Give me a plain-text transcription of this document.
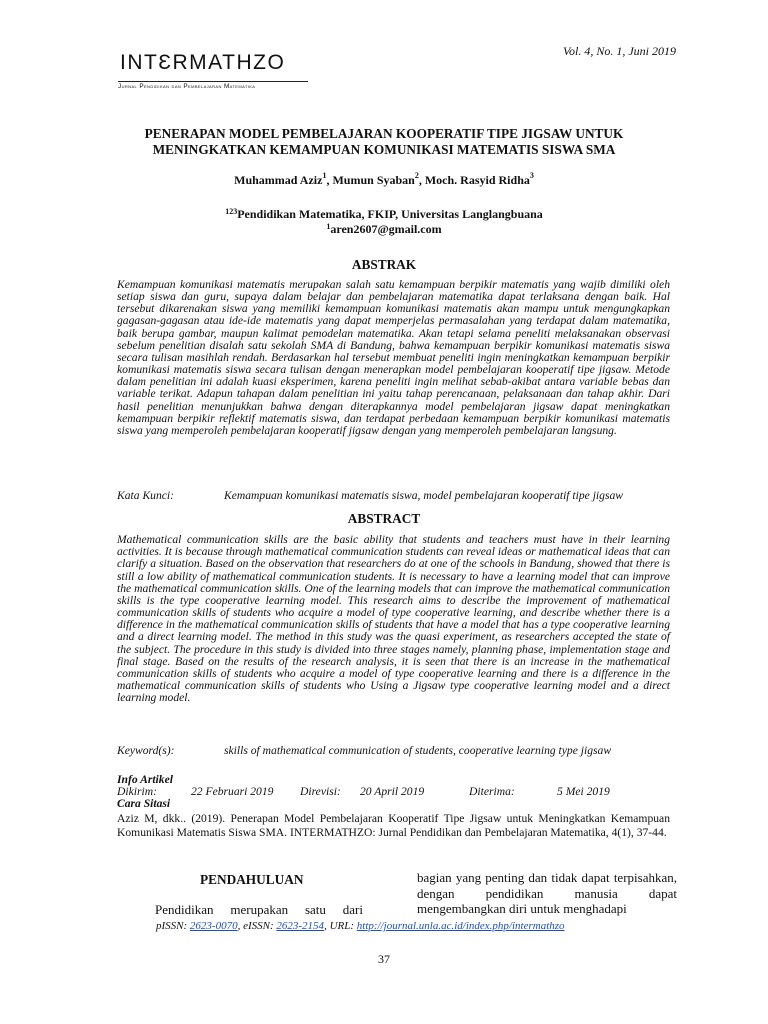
INTƐRMATHZO
Jurnal Pendidikan dan Pembelajaran Matematika
Vol. 4, No. 1, Juni 2019
PENERAPAN MODEL PEMBELAJARAN KOOPERATIF TIPE JIGSAW UNTUK MENINGKATKAN KEMAMPUAN KOMUNIKASI MATEMATIS SISWA SMA
Muhammad Aziz$^1$, Mumun Syaban$^2$, Moch. Rasyid Ridha$^3$
$^{123}$Pendidikan Matematika, FKIP, Universitas Langlangbuana
$^1$aren2607@gmail.com
ABSTRAK

Kemampuan komunikasi matematis merupakan salah satu kemampuan berpikir matematis yang wajib dimiliki oleh setiap siswa dan guru, supaya dalam belajar dan pembelajaran matematika dapat terlaksana dengan baik. Hal tersebut dikarenakan siswa yang memiliki kemampuan komunikasi matematis akan mampu untuk mengungkapkan gagasan-gagasan atau ide-ide matematis yang dapat memperjelas permasalahan yang terdapat dalam matematika, baik berupa gambar, maupun kalimat pemodelan matematika. Akan tetapi selama peneliti melaksanakan observasi sebelum penelitian disalah satu sekolah SMA di Bandung, bahwa kemampuan berpikir komunikasi matematis siswa secara tulisan masihlah rendah. Berdasarkan hal tersebut membuat peneliti ingin meningkatkan kemampuan berpikir komunikasi matematis siswa secara tulisan dengan menerapkan model pembelajaran kooperatif tipe jigsaw. Metode dalam penelitian ini adalah kuasi eksperimen, karena peneliti ingin melihat sebab-akibat antara variable bebas dan variable terikat. Adapun tahapan dalam penelitian ini yaitu tahap perencanaan, pelaksanaan dan tahap akhir. Dari hasil penelitian menunjukkan bahwa dengan diterapkannya model pembelajaran jigsaw dapat meningkatkan kemampuan berpikir reflektif matematis siswa, dan terdapat perbedaan kemampuan berpikir komunikasi matematis siswa yang memperoleh pembelajaran kooperatif jigsaw dengan yang memperoleh pembelajaran langsung.

Kata Kunci:	Kemampuan komunikasi matematis siswa, model pembelajaran kooperatif tipe jigsaw
ABSTRACT

Mathematical communication skills are the basic ability that students and teachers must have in their learning activities. It is because through mathematical communication students can reveal ideas or mathematical ideas that can clarify a situation. Based on the observation that researchers do at one of the schools in Bandung, showed that there is still a low ability of mathematical communication students. It is necessary to have a learning model that can improve the mathematical communication skills. One of the learning models that can improve the mathematical communication skills is the type cooperative learning model. This research aims to describe the improvement of mathematical communication skills of students who acquire a model of type cooperative learning, and describe whether there is a difference in the mathematical communication skills of students that have a model that has a type cooperative learning and a direct learning model. The method in this study was the quasi experiment, as researchers accepted the state of the subject. The procedure in this study is divided into three stages namely, planning phase, implementation stage and final stage. Based on the results of the research analysis, it is seen that there is an increase in the mathematical communication skills of students who acquire a model of type cooperative learning and there is a difference in the mathematical communication skills of students who Using a Jigsaw type cooperative learning model and a direct learning model.

Keyword(s):	skills of mathematical communication of students, cooperative learning type jigsaw
Info Artikel
Dikirim:	22 Februari 2019 Direvisi: 20 April 2019	Diterima:	5 Mei 2019
Cara Sitasi
Aziz M, dkk.. (2019). Penerapan Model Pembelajaran Kooperatif Tipe Jigsaw untuk Meningkatkan Kemampuan Komunikasi Matematis Siswa SMA. INTERMATHZO: Jurnal Pendidikan dan Pembelajaran Matematika, 4(1), 37-44.
PENDAHULUAN
Pendidikan merupakan satu dari
bagian yang penting dan tidak dapat terpisahkan, dengan pendidikan manusia dapat mengembangkan diri untuk menghadapi
pISSN: 2623-0070, eISSN: 2623-2154, URL: http://journal.unla.ac.id/index.php/intermathzo
37
